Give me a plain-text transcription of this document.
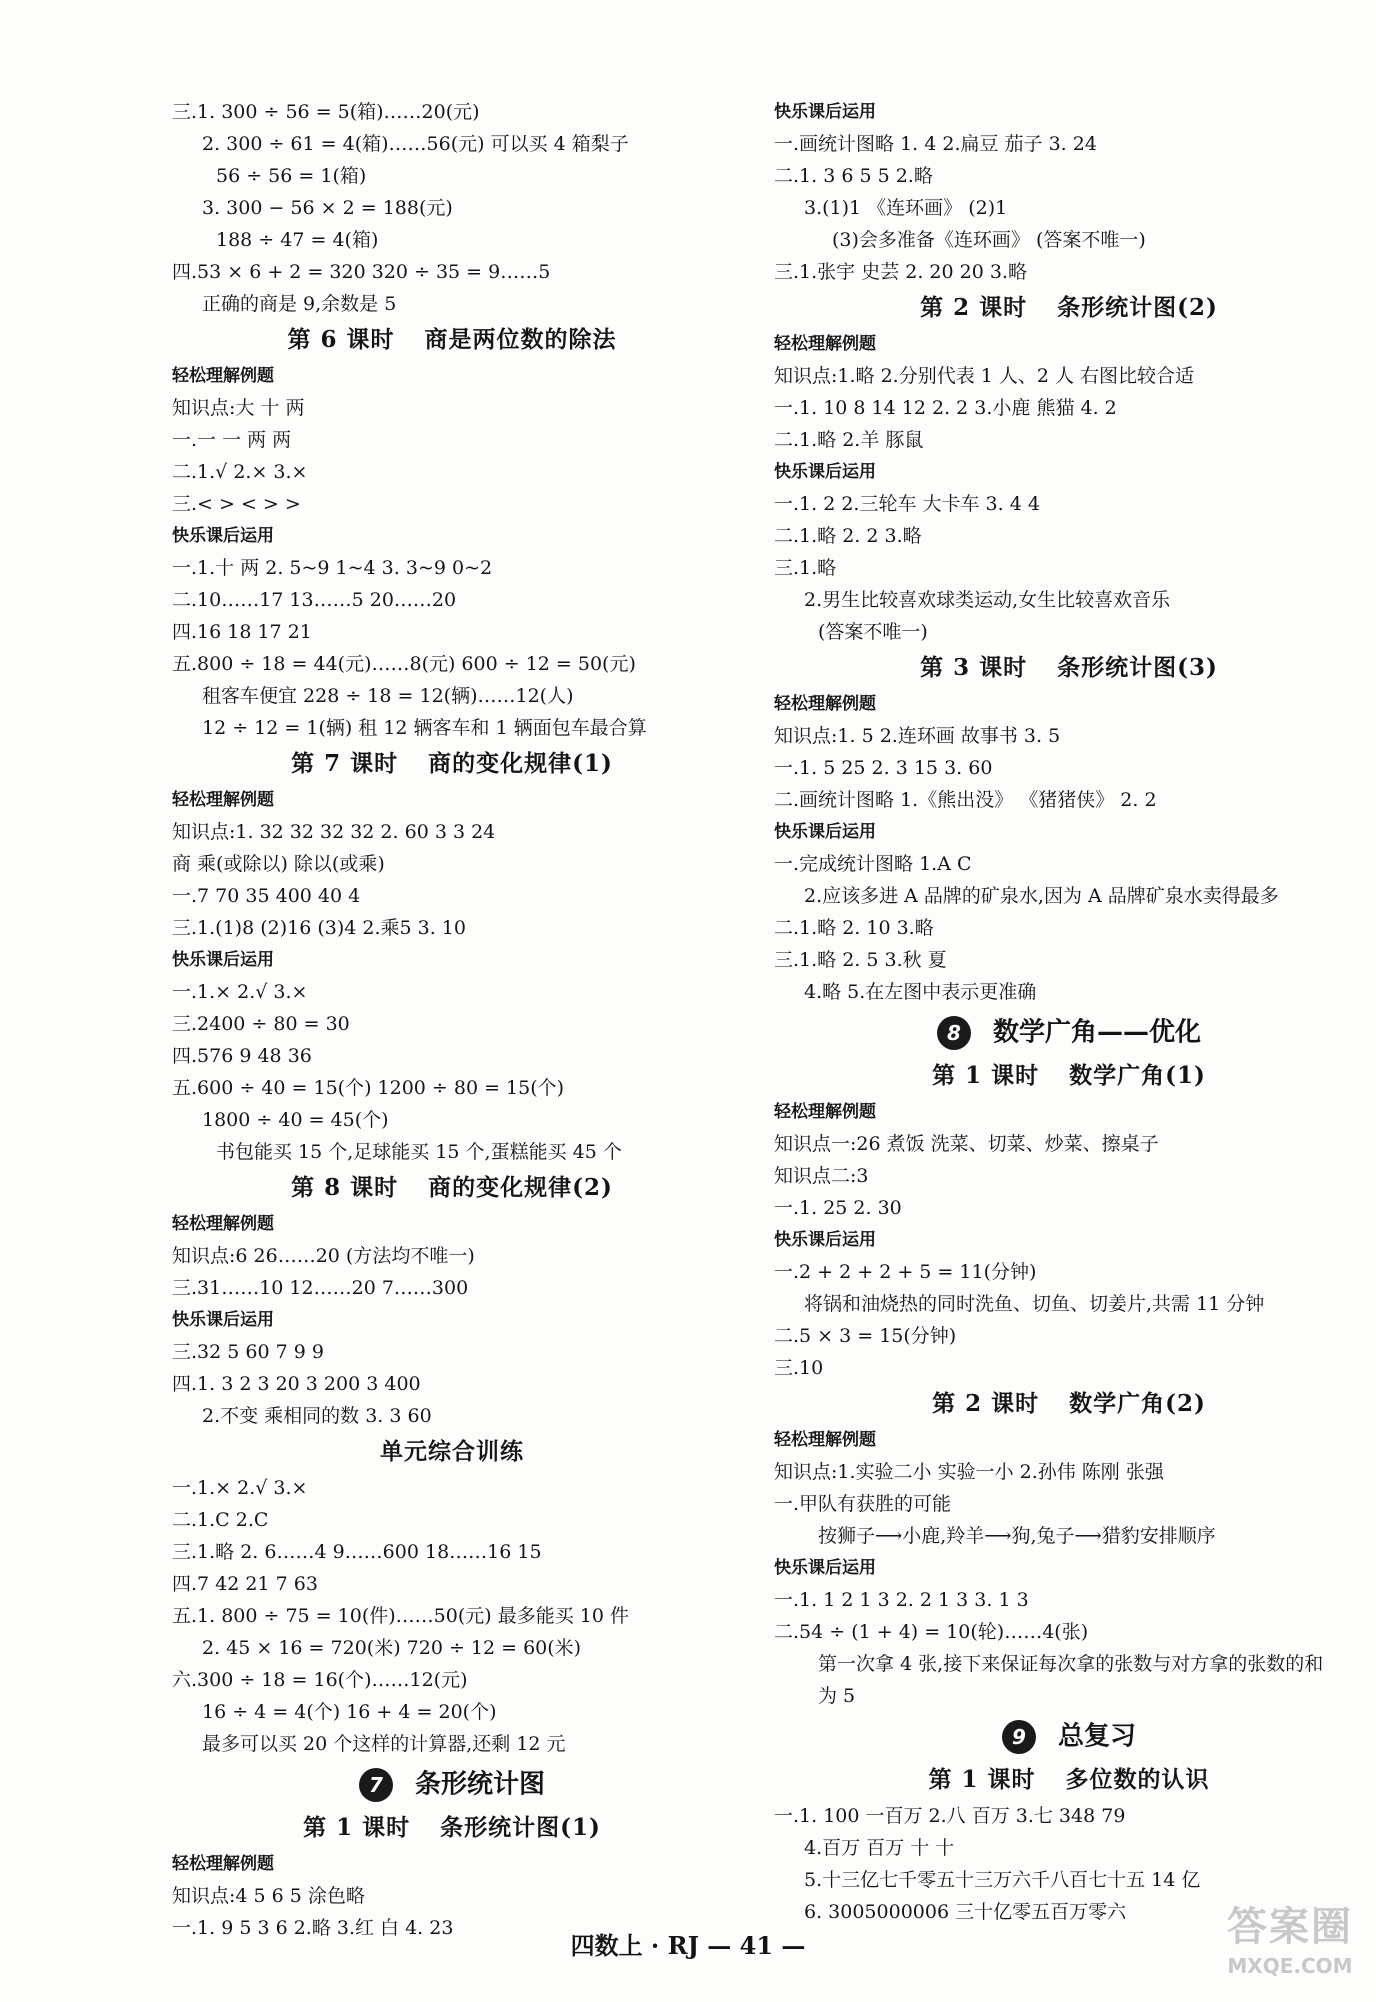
三.1. 300 ÷ 56 = 5(箱)……20(元)
2. 300 ÷ 61 = 4(箱)……56(元) 可以买 4 箱梨子
56 ÷ 56 = 1(箱)
3. 300 − 56 × 2 = 188(元)
188 ÷ 47 = 4(箱)
四.53 × 6 + 2 = 320 320 ÷ 35 = 9……5
正确的商是 9,余数是 5
第 6 课时 商是两位数的除法
轻松理解例题
知识点:大 十 两
一.一 一 两 两
二.1.√ 2.× 3.×
三.< > < > >
快乐课后运用
一.1.十 两 2. 5~9 1~4 3. 3~9 0~2
二.10……17 13……5 20……20
四.16 18 17 21
五.800 ÷ 18 = 44(元)……8(元) 600 ÷ 12 = 50(元)
租客车便宜 228 ÷ 18 = 12(辆)……12(人)
12 ÷ 12 = 1(辆) 租 12 辆客车和 1 辆面包车最合算
第 7 课时 商的变化规律(1)
轻松理解例题
知识点:1. 32 32 32 32 2. 60 3 3 24
商 乘(或除以) 除以(或乘)
一.7 70 35 400 40 4
三.1.(1)8 (2)16 (3)4 2.乘5 3. 10
快乐课后运用
一.1.× 2.√ 3.×
三.2400 ÷ 80 = 30
四.576 9 48 36
五.600 ÷ 40 = 15(个) 1200 ÷ 80 = 15(个)
1800 ÷ 40 = 45(个)
书包能买 15 个,足球能买 15 个,蛋糕能买 45 个
第 8 课时 商的变化规律(2)
轻松理解例题
知识点:6 26……20 (方法均不唯一)
三.31……10 12……20 7……300
快乐课后运用
三.32 5 60 7 9 9
四.1. 3 2 3 20 3 200 3 400
2.不变 乘相同的数 3. 3 60
单元综合训练
一.1.× 2.√ 3.×
二.1.C 2.C
三.1.略 2. 6……4 9……600 18……16 15
四.7 42 21 7 63
五.1. 800 ÷ 75 = 10(件)……50(元) 最多能买 10 件
2. 45 × 16 = 720(米) 720 ÷ 12 = 60(米)
六.300 ÷ 18 = 16(个)……12(元)
16 ÷ 4 = 4(个) 16 + 4 = 20(个)
最多可以买 20 个这样的计算器,还剩 12 元
7 条形统计图
第 1 课时 条形统计图(1)
轻松理解例题
知识点:4 5 6 5 涂色略
一.1. 9 5 3 6 2.略 3.红 白 4. 23
快乐课后运用
一.画统计图略 1. 4 2.扁豆 茄子 3. 24
二.1. 3 6 5 5 2.略
3.(1)1 《连环画》 (2)1
(3)会多准备《连环画》 (答案不唯一)
三.1.张宇 史芸 2. 20 20 3.略
第 2 课时 条形统计图(2)
轻松理解例题
知识点:1.略 2.分别代表 1 人、2 人 右图比较合适
一.1. 10 8 14 12 2. 2 3.小鹿 熊猫 4. 2
二.1.略 2.羊 豚鼠
快乐课后运用
一.1. 2 2.三轮车 大卡车 3. 4 4
二.1.略 2. 2 3.略
三.1.略
2.男生比较喜欢球类运动,女生比较喜欢音乐
(答案不唯一)
第 3 课时 条形统计图(3)
轻松理解例题
知识点:1. 5 2.连环画 故事书 3. 5
一.1. 5 25 2. 3 15 3. 60
二.画统计图略 1.《熊出没》 《猪猪侠》 2. 2
快乐课后运用
一.完成统计图略 1.A C
2.应该多进 A 品牌的矿泉水,因为 A 品牌矿泉水卖得最多
二.1.略 2. 10 3.略
三.1.略 2. 5 3.秋 夏
4.略 5.在左图中表示更准确
8 数学广角——优化
第 1 课时 数学广角(1)
轻松理解例题
知识点一:26 煮饭 洗菜、切菜、炒菜、擦桌子
知识点二:3
一.1. 25 2. 30
快乐课后运用
一.2 + 2 + 2 + 5 = 11(分钟)
将锅和油烧热的同时洗鱼、切鱼、切姜片,共需 11 分钟
二.5 × 3 = 15(分钟)
三.10
第 2 课时 数学广角(2)
轻松理解例题
知识点:1.实验二小 实验一小 2.孙伟 陈刚 张强
一.甲队有获胜的可能
按狮子⟶小鹿,羚羊⟶狗,兔子⟶猎豹安排顺序
快乐课后运用
一.1. 1 2 1 3 2. 2 1 3 3. 1 3
二.54 ÷ (1 + 4) = 10(轮)……4(张)
第一次拿 4 张,接下来保证每次拿的张数与对方拿的张数的和
为 5
9 总复习
第 1 课时 多位数的认识
一.1. 100 一百万 2.八 百万 3.七 348 79
4.百万 百万 十 十
5.十三亿七千零五十三万六千八百七十五 14 亿
6. 3005000006 三十亿零五百万零六
四数上 · RJ — 41 —	答案圈
MXQE.COM
